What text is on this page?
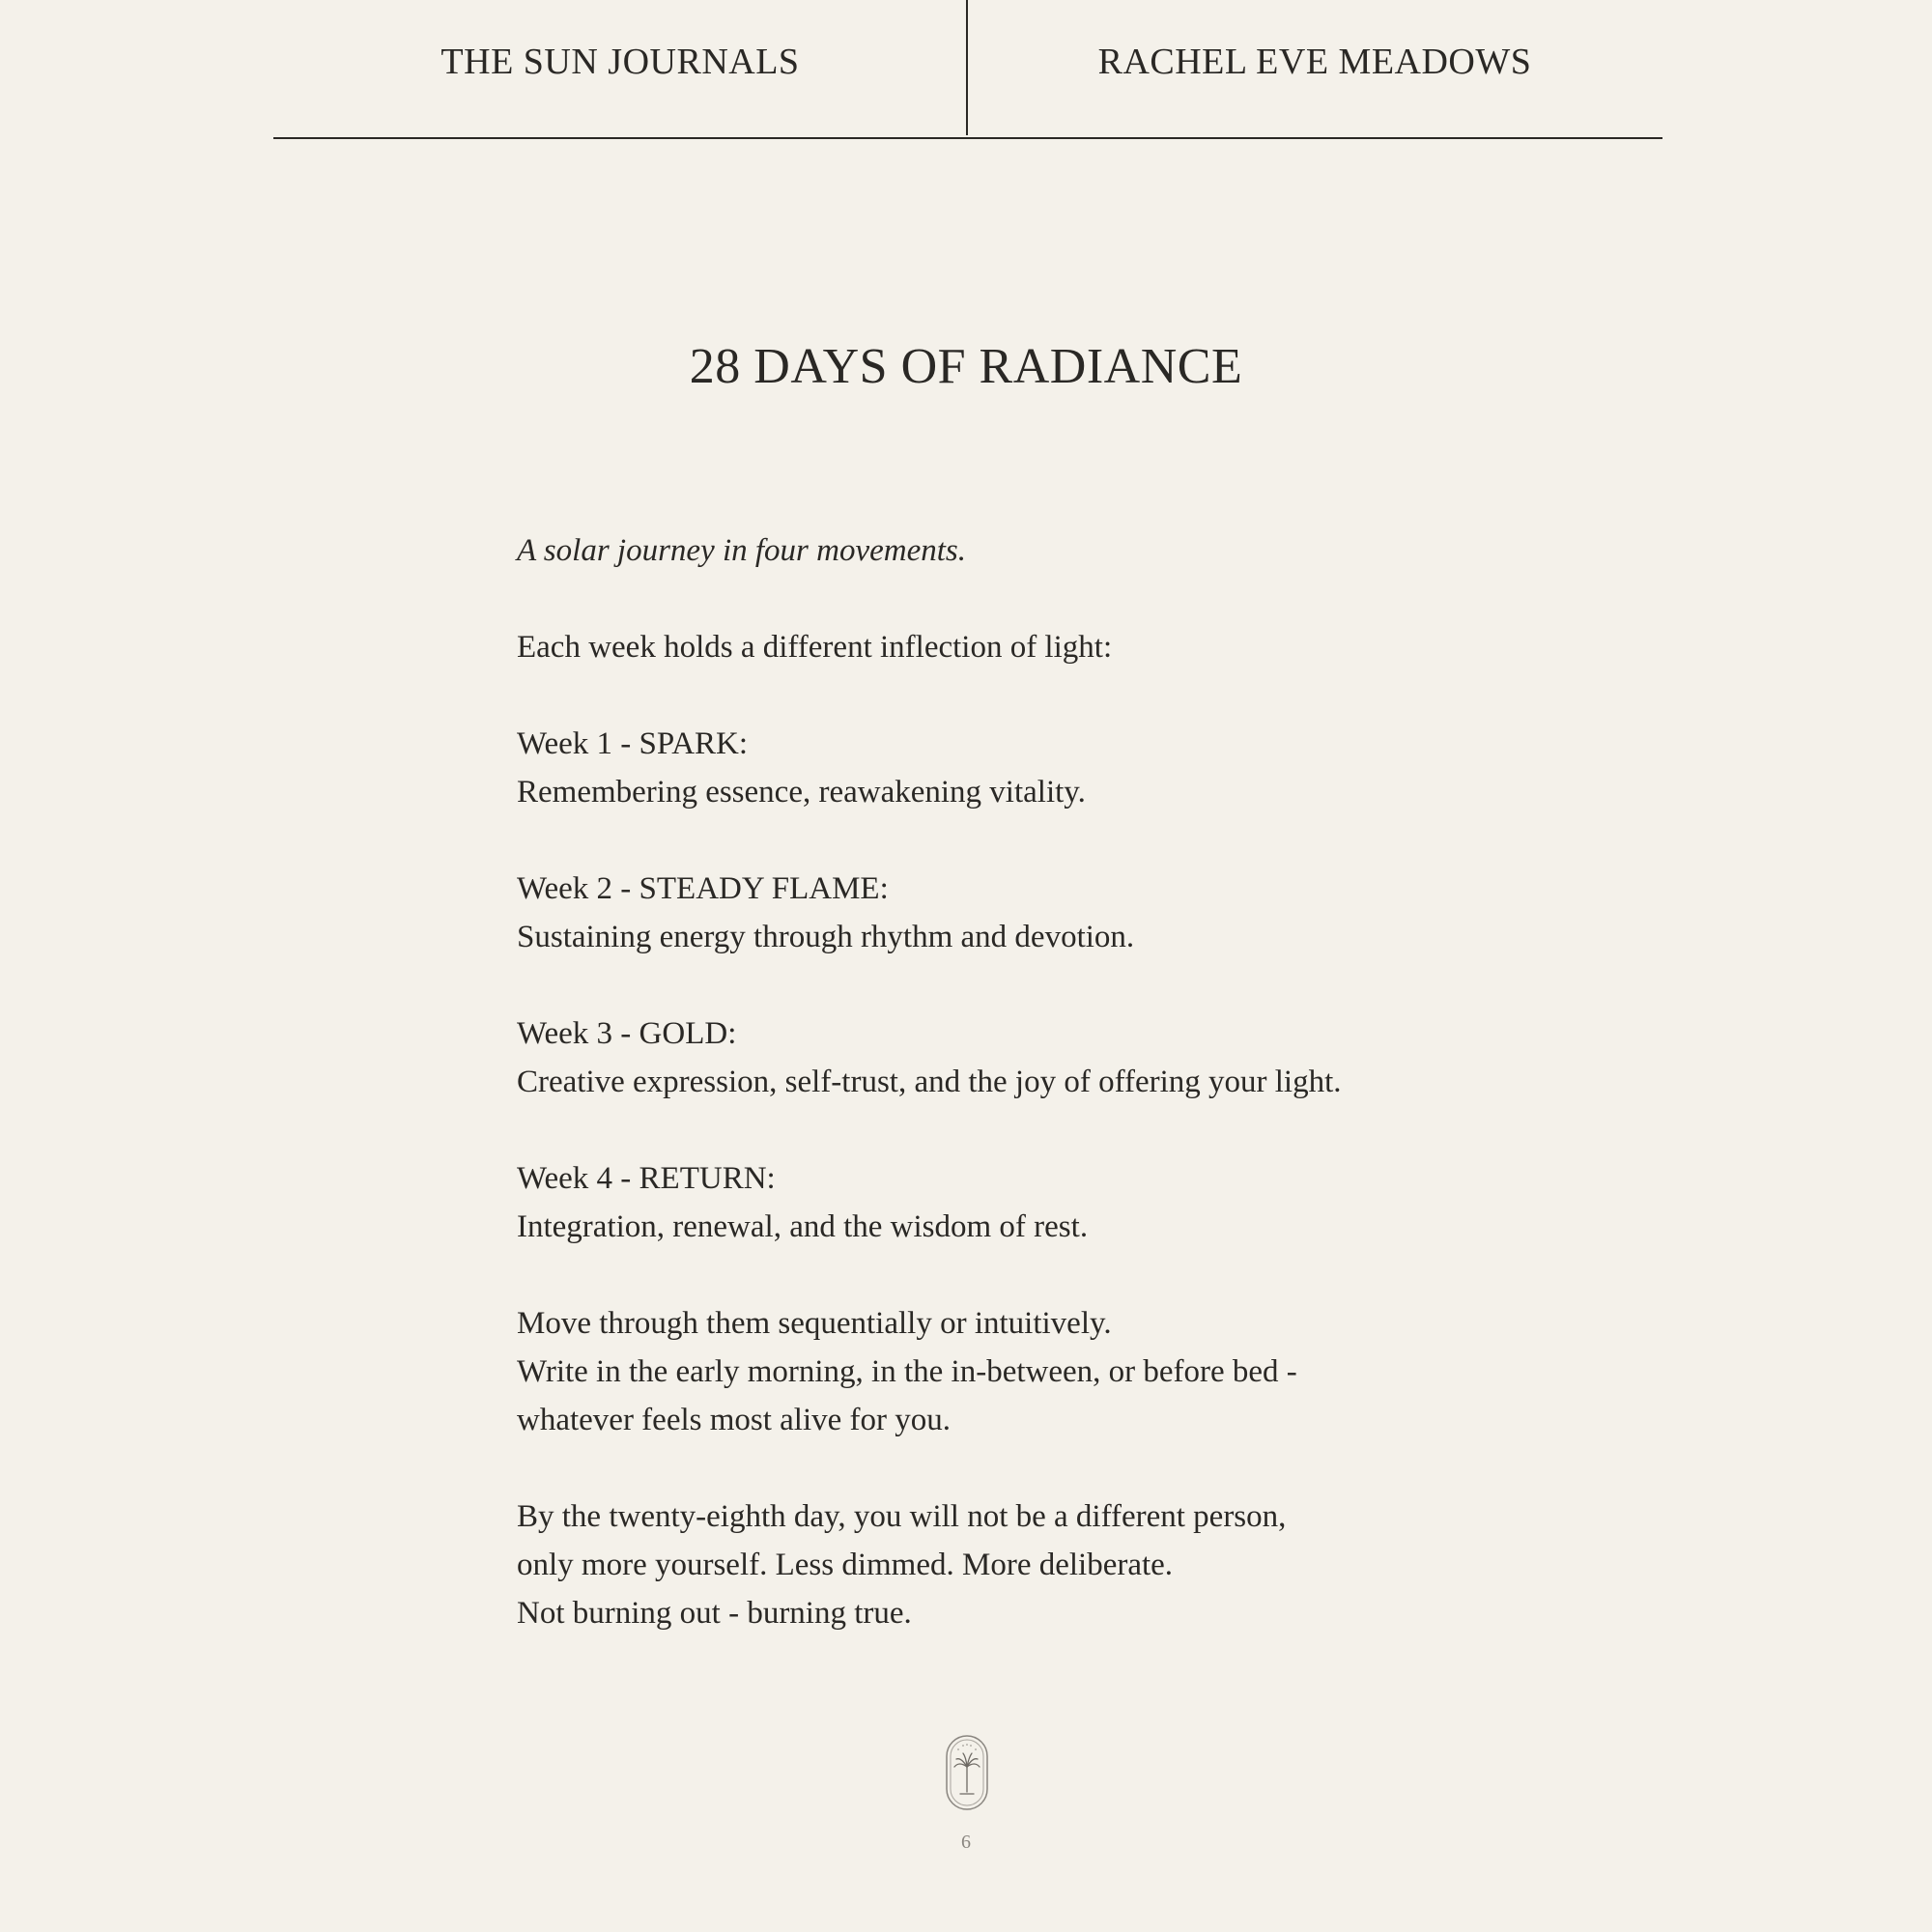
THE SUN JOURNALS	RACHEL EVE MEADOWS
28 DAYS OF RADIANCE

A solar journey in four movements.

Each week holds a different inflection of light:

Week 1 - SPARK:

Remembering essence, reawakening vitality.

Week 2 - STEADY FLAME:

Sustaining energy through rhythm and devotion.

Week 3 - GOLD:

Creative expression, self-trust, and the joy of offering your light.

Week 4 - RETURN:

Integration, renewal, and the wisdom of rest.

Move through them sequentially or intuitively.

Write in the early morning, in the in-between, or before bed -

whatever feels most alive for you.

By the twenty-eighth day, you will not be a different person,

only more yourself. Less dimmed. More deliberate.

Not burning out - burning true.

6
